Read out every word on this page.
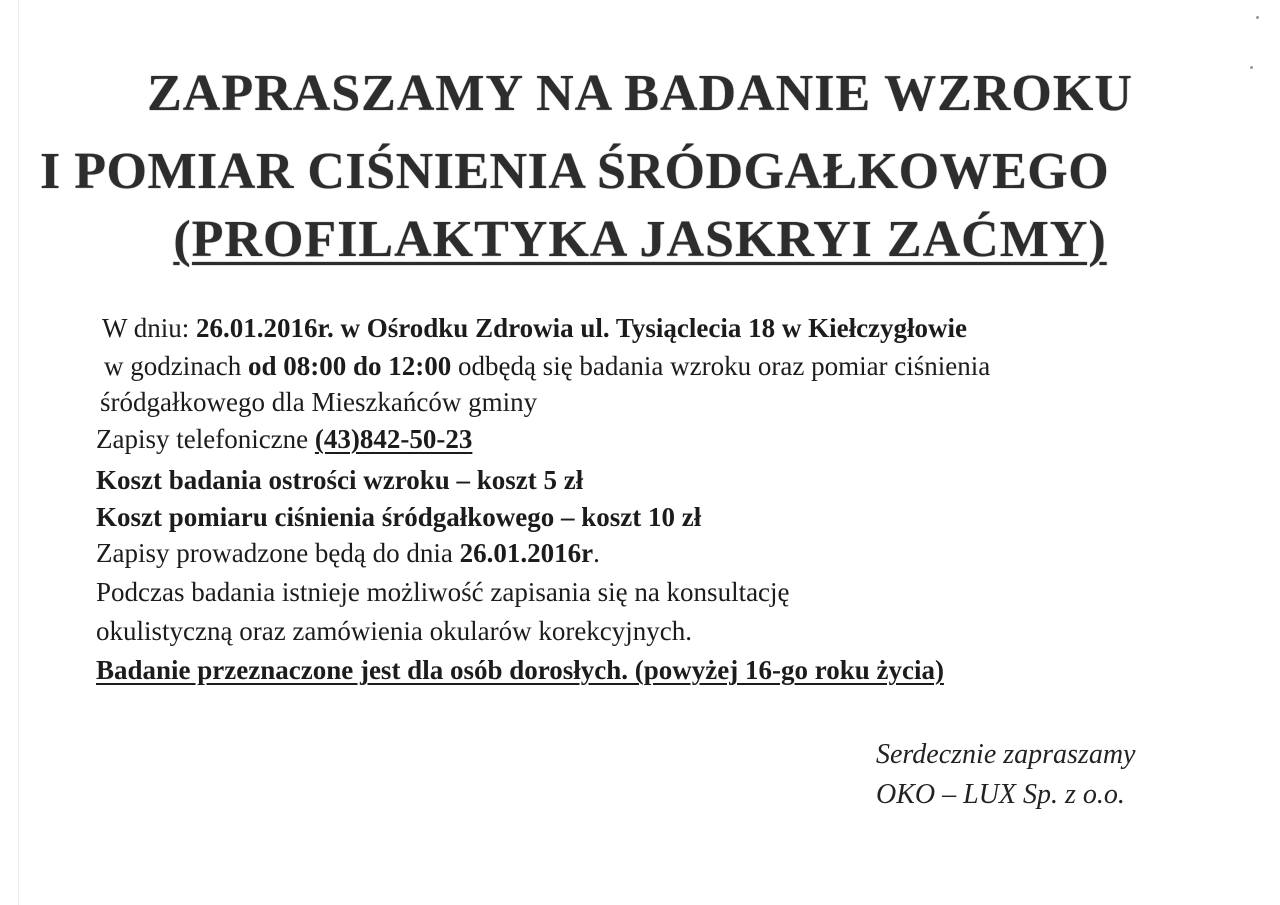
ZAPRASZAMY NA BADANIE WZROKU
I POMIAR CIŚNIENIA ŚRÓDGAŁKOWEGO
(PROFILAKTYKA JASKRYI ZAĆMY)
W dniu: 26.01.2016r. w Ośrodku Zdrowia ul. Tysiąclecia 18 w Kiełczygłowie
w godzinach od 08:00 do 12:00 odbędą się badania wzroku oraz pomiar ciśnienia
śródgałkowego dla Mieszkańców gminy
Zapisy telefoniczne (43)842-50-23
Koszt badania ostrości wzroku – koszt 5 zł
Koszt pomiaru ciśnienia śródgałkowego – koszt 10 zł
Zapisy prowadzone będą do dnia 26.01.2016r.
Podczas badania istnieje możliwość zapisania się na konsultację
okulistyczną oraz zamówienia okularów korekcyjnych.
Badanie przeznaczone jest dla osób dorosłych. (powyżej 16-go roku życia)
Serdecznie zapraszamy
OKO – LUX Sp. z o.o.
